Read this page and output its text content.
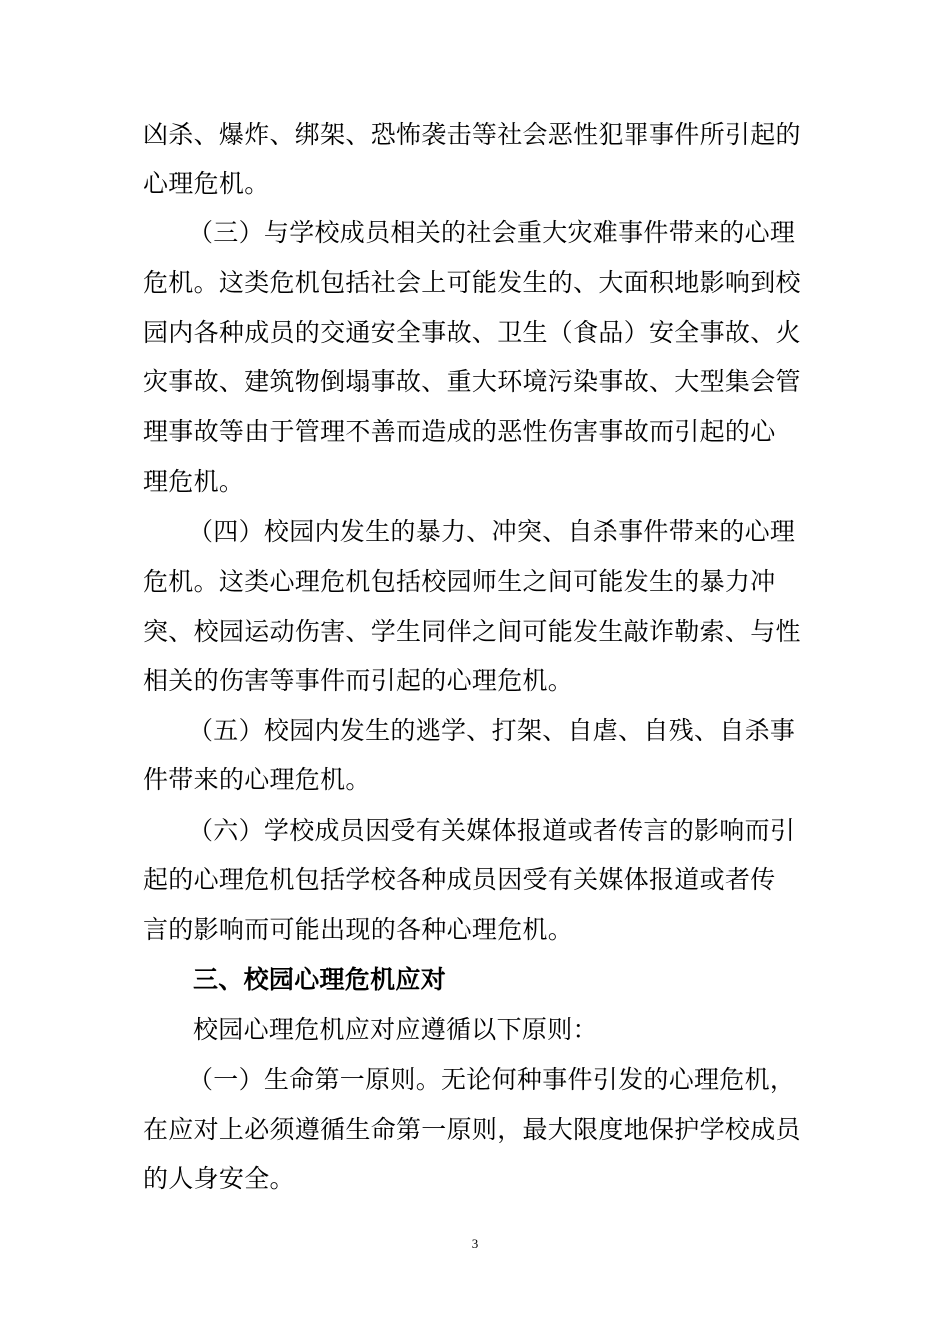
凶杀、爆炸、绑架、恐怖袭击等社会恶性犯罪事件所引起的
心理危机。
（三）与学校成员相关的社会重大灾难事件带来的心理
危机。这类危机包括社会上可能发生的、大面积地影响到校
园内各种成员的交通安全事故、卫生（食品）安全事故、火
灾事故、建筑物倒塌事故、重大环境污染事故、大型集会管
理事故等由于管理不善而造成的恶性伤害事故而引起的心
理危机。
（四）校园内发生的暴力、冲突、自杀事件带来的心理
危机。这类心理危机包括校园师生之间可能发生的暴力冲
突、校园运动伤害、学生同伴之间可能发生敲诈勒索、与性
相关的伤害等事件而引起的心理危机。
（五）校园内发生的逃学、打架、自虐、自残、自杀事
件带来的心理危机。
（六）学校成员因受有关媒体报道或者传言的影响而引
起的心理危机包括学校各种成员因受有关媒体报道或者传
言的影响而可能出现的各种心理危机。
三、校园心理危机应对
校园心理危机应对应遵循以下原则：
（一）生命第一原则。无论何种事件引发的心理危机，
在应对上必须遵循生命第一原则，最大限度地保护学校成员
的人身安全。
3
